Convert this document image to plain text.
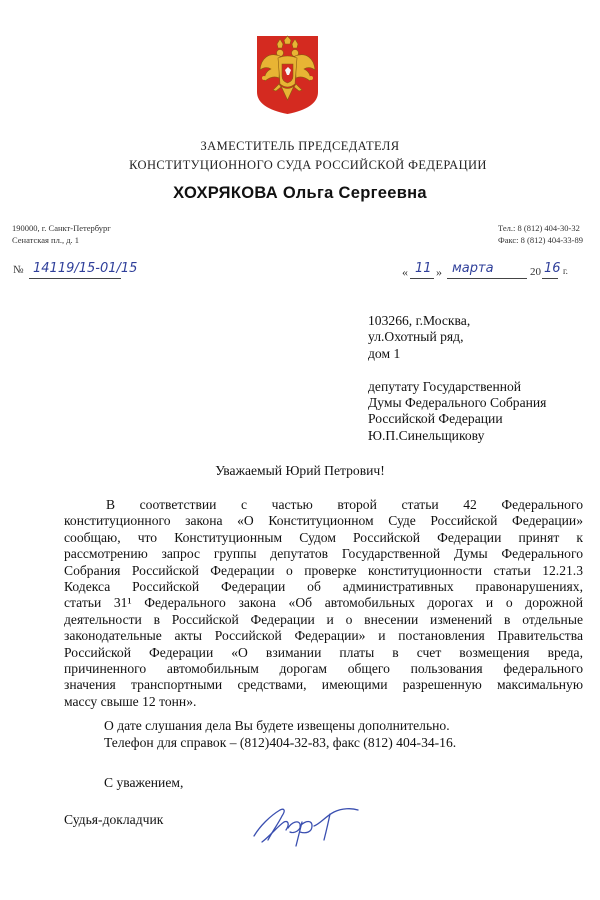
ЗАМЕСТИТЕЛЬ ПРЕДСЕДАТЕЛЯ
КОНСТИТУЦИОННОГО СУДА РОССИЙСКОЙ ФЕДЕРАЦИИ
ХОХРЯКОВА Ольга Сергеевна
190000, г. Санкт-Петербург
Сенатская пл., д. 1
Тел.: 8 (812) 404-30-32
Факс: 8 (812) 404-33-89
№ 14119/15-01/15	« 11 » марта	20 16 г.
103266, г.Москва,
ул.Охотный ряд,
дом 1
депутату Государственной
Думы Федерального Собрания
Российской Федерации
Ю.П.Синельщикову
Уважаемый Юрий Петрович!
В соответствии с частью второй статьи 42 Федерального
конституционного закона «О Конституционном Суде Российской Федерации»
сообщаю, что Конституционным Судом Российской Федерации принят к
рассмотрению запрос группы депутатов Государственной Думы Федерального
Собрания Российской Федерации о проверке конституционности статьи 12.21.3
Кодекса Российской Федерации об административных правонарушениях,
статьи 31¹ Федерального закона «Об автомобильных дорогах и о дорожной
деятельности в Российской Федерации и о внесении изменений в отдельные
законодательные акты Российской Федерации» и постановления Правительства
Российской Федерации «О взимании платы в счет возмещения вреда,
причиненного автомобильным дорогам общего пользования федерального
значения транспортными средствами, имеющими разрешенную максимальную
массу свыше 12 тонн».
О дате слушания дела Вы будете извещены дополнительно.
Телефон для справок – (812)404-32-83, факс (812) 404-34-16.
С уважением,
Судья-докладчик
